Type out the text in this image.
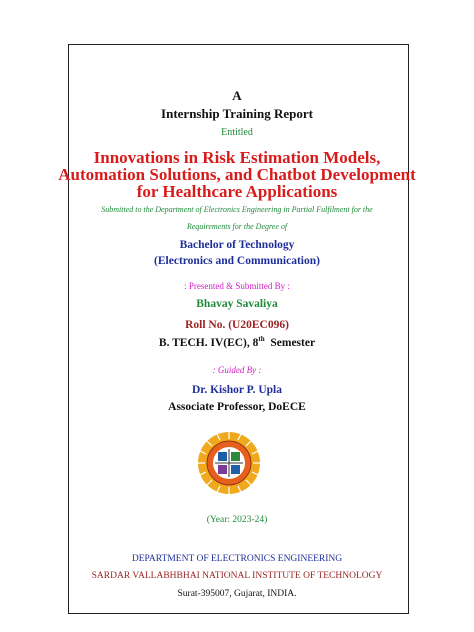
A
Internship Training Report
Entitled
Innovations in Risk Estimation Models,
Automation Solutions, and Chatbot Development
for Healthcare Applications
Submitted to the Department of Electronics Engineering in Partial Fulfilment for the
Requirements for the Degree of
Bachelor of Technology
(Electronics and Communication)
: Presented & Submitted By :
Bhavay Savaliya
Roll No. (U20EC096)
B. TECH. IV(EC), 8th Semester
: Guided By :
Dr. Kishor P. Upla
Associate Professor, DoECE
(Year: 2023-24)
DEPARTMENT OF ELECTRONICS ENGINEERING
SARDAR VALLABHBHAI NATIONAL INSTITUTE OF TECHNOLOGY
Surat-395007, Gujarat, INDIA.
